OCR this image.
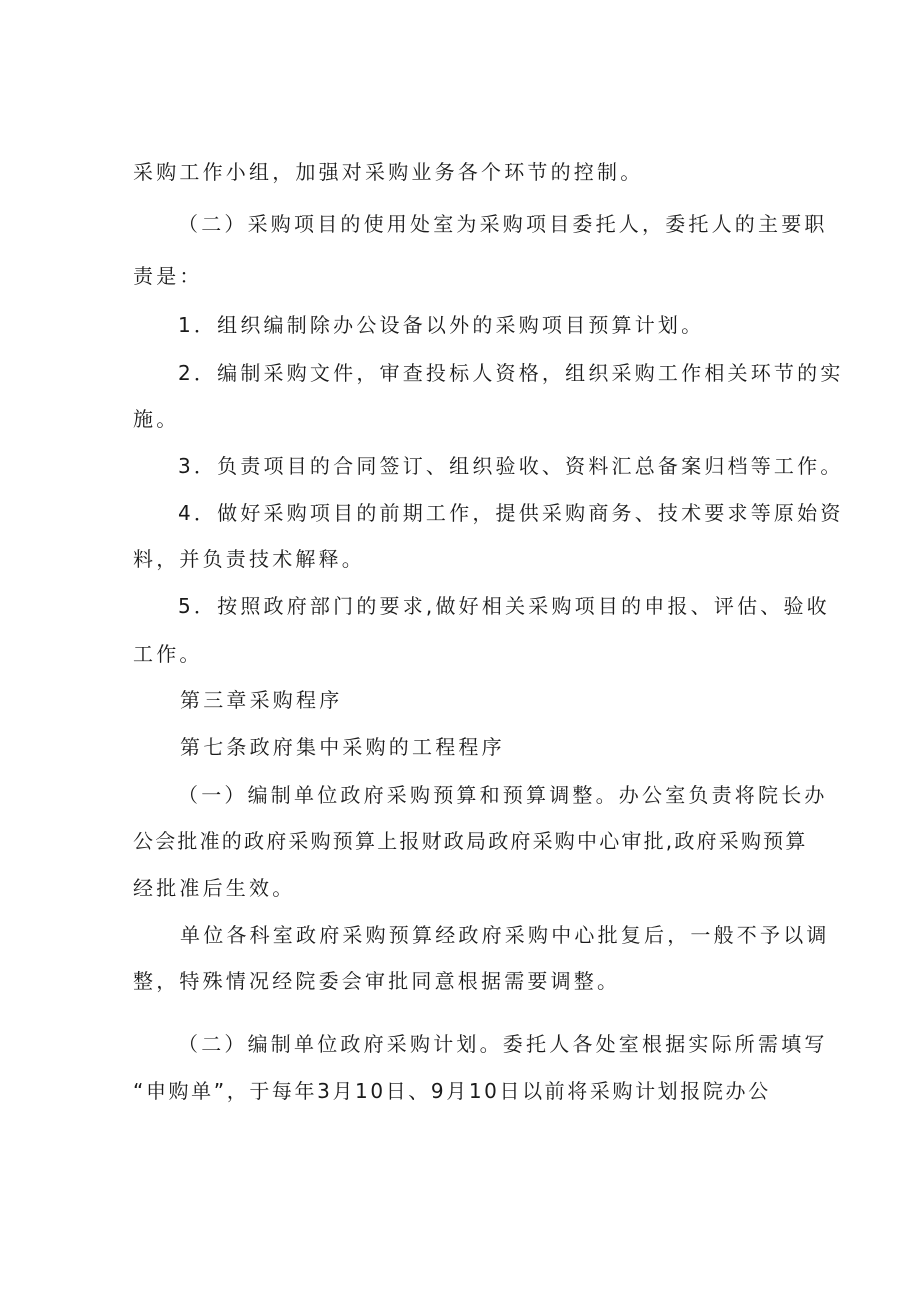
采购工作小组，加强对采购业务各个环节的控制。
（二）采购项目的使用处室为采购项目委托人，委托人的主要职
责是：
1．组织编制除办公设备以外的采购项目预算计划。
2．编制采购文件，审查投标人资格，组织采购工作相关环节的实
施。
3．负责项目的合同签订、组织验收、资料汇总备案归档等工作。
4．做好采购项目的前期工作，提供采购商务、技术要求等原始资
料，并负责技术解释。
5．按照政府部门的要求,做好相关采购项目的申报、评估、验收
工作。
第三章采购程序
第七条政府集中采购的工程程序
（一）编制单位政府采购预算和预算调整。办公室负责将院长办
公会批准的政府采购预算上报财政局政府采购中心审批,政府采购预算
经批准后生效。
单位各科室政府采购预算经政府采购中心批复后，一般不予以调
整，特殊情况经院委会审批同意根据需要调整。
（二）编制单位政府采购计划。委托人各处室根据实际所需填写
“申购单”，于每年3月10日、9月10日以前将采购计划报院办公
